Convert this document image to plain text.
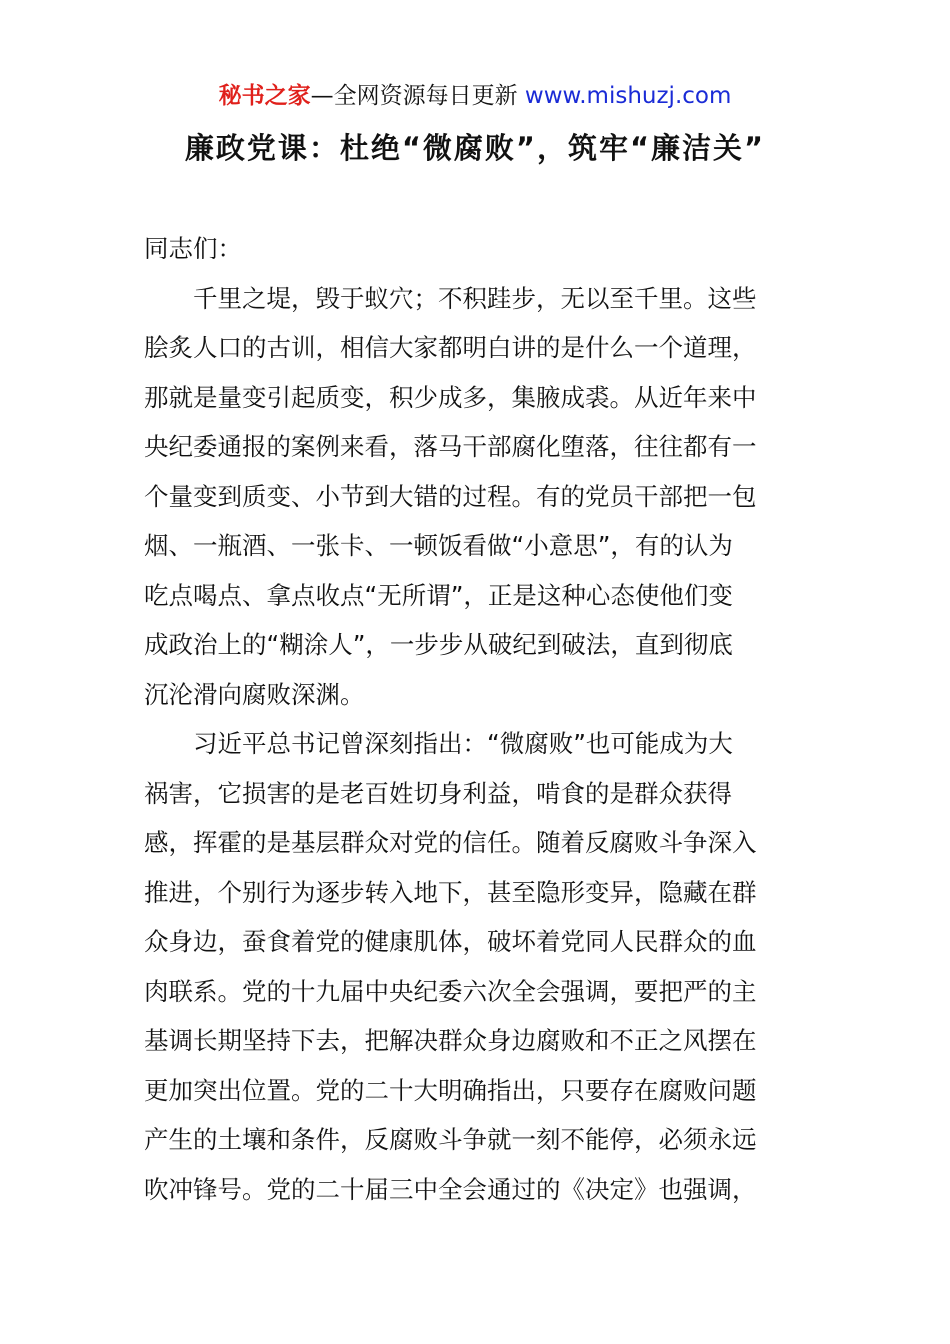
秘书之家—全网资源每日更新 www.mishuzj.com
廉政党课：杜绝“微腐败”，筑牢“廉洁关”
同志们：
千里之堤，毁于蚁穴；不积跬步，无以至千里。这些
脍炙人口的古训，相信大家都明白讲的是什么一个道理，
那就是量变引起质变，积少成多，集腋成裘。从近年来中
央纪委通报的案例来看，落马干部腐化堕落，往往都有一
个量变到质变、小节到大错的过程。有的党员干部把一包
烟、一瓶酒、一张卡、一顿饭看做“小意思”，有的认为
吃点喝点、拿点收点“无所谓”，正是这种心态使他们变
成政治上的“糊涂人”，一步步从破纪到破法，直到彻底
沉沦滑向腐败深渊。
习近平总书记曾深刻指出：“微腐败”也可能成为大
祸害，它损害的是老百姓切身利益，啃食的是群众获得
感，挥霍的是基层群众对党的信任。随着反腐败斗争深入
推进，个别行为逐步转入地下，甚至隐形变异，隐藏在群
众身边，蚕食着党的健康肌体，破坏着党同人民群众的血
肉联系。党的十九届中央纪委六次全会强调，要把严的主
基调长期坚持下去，把解决群众身边腐败和不正之风摆在
更加突出位置。党的二十大明确指出，只要存在腐败问题
产生的土壤和条件，反腐败斗争就一刻不能停，必须永远
吹冲锋号。党的二十届三中全会通过的《决定》也强调，
